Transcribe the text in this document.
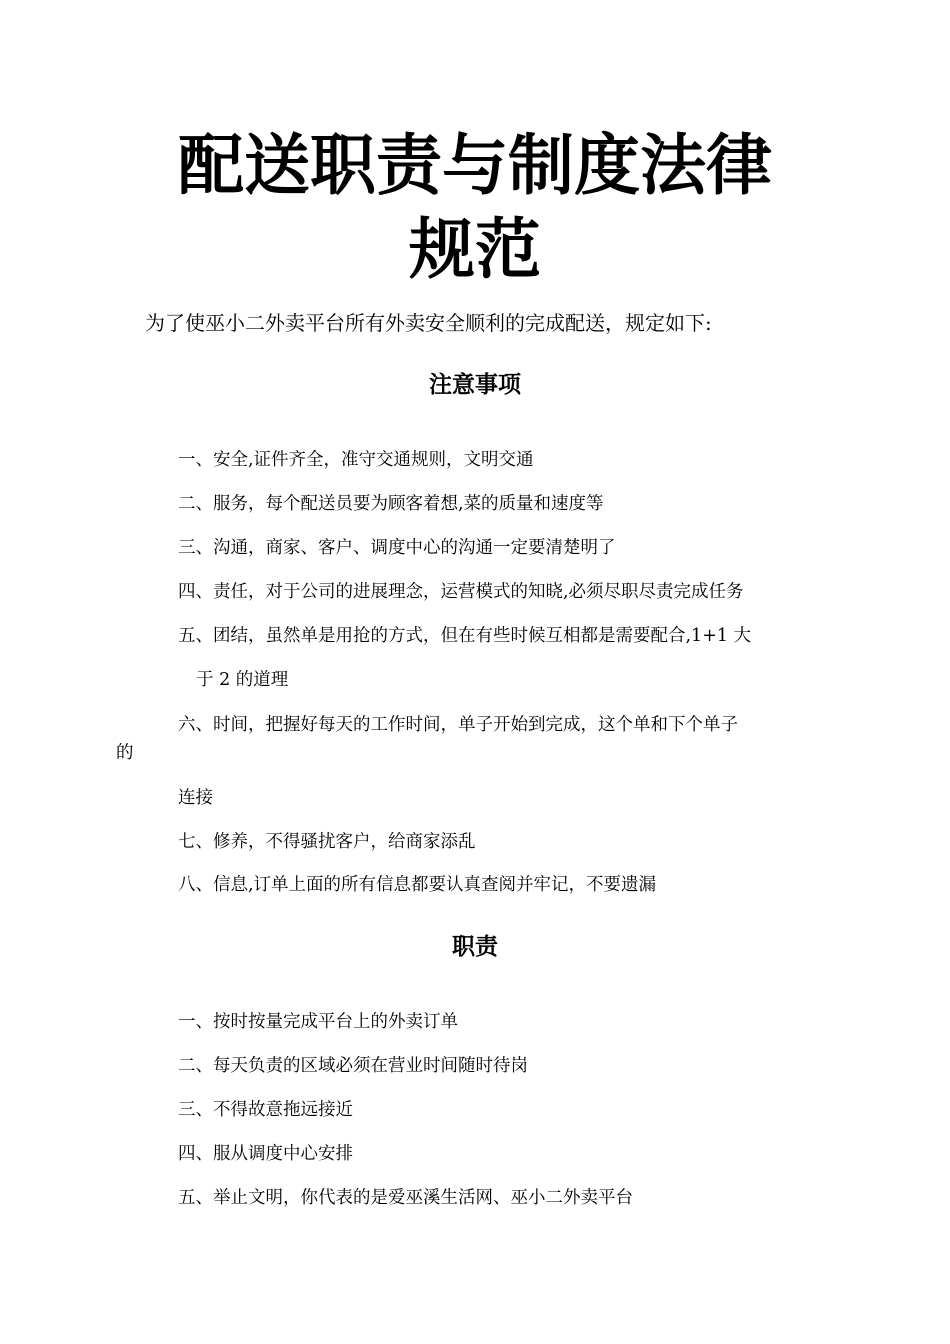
配送职责与制度法律
规范

为了使巫小二外卖平台所有外卖安全顺利的完成配送，规定如下:

注意事项

一、安全,证件齐全，准守交通规则，文明交通

二、服务，每个配送员要为顾客着想,菜的质量和速度等

三、沟通，商家、客户、调度中心的沟通一定要清楚明了

四、责任，对于公司的进展理念，运营模式的知晓,必须尽职尽责完成任务

五、团结，虽然单是用抢的方式，但在有些时候互相都是需要配合,1+1 大

于 2 的道理

六、时间，把握好每天的工作时间，单子开始到完成，这个单和下个单子

的

连接

七、修养，不得骚扰客户，给商家添乱

八、信息,订单上面的所有信息都要认真查阅并牢记，不要遗漏

职责

一、按时按量完成平台上的外卖订单

二、每天负责的区域必须在营业时间随时待岗

三、不得故意拖远接近

四、服从调度中心安排

五、举止文明，你代表的是爱巫溪生活网、巫小二外卖平台
